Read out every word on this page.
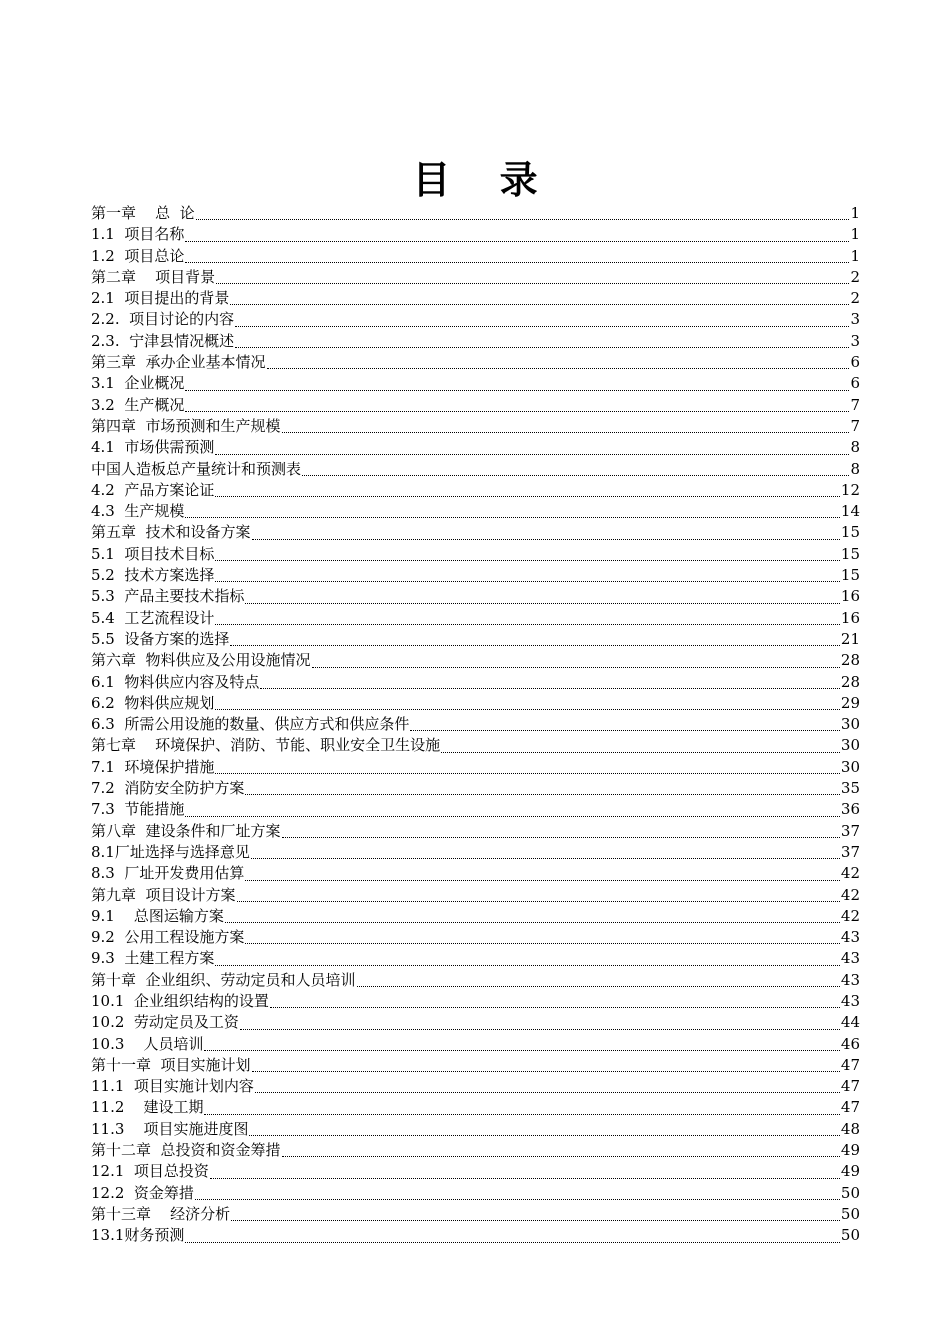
目 录
第一章    总  论	1
1.1  项目名称	1
1.2  项目总论	1
第二章    项目背景	2
2.1  项目提出的背景	2
2.2.  项目讨论的内容	3
2.3.  宁津县情况概述	3
第三章  承办企业基本情况	6
3.1  企业概况	6
3.2  生产概况	7
第四章  市场预测和生产规模	7
4.1  市场供需预测	8
中国人造板总产量统计和预测表	8
4.2  产品方案论证	12
4.3  生产规模	14
第五章  技术和设备方案	15
5.1  项目技术目标	15
5.2  技术方案选择	15
5.3  产品主要技术指标	16
5.4  工艺流程设计	16
5.5  设备方案的选择	21
第六章  物料供应及公用设施情况	28
6.1  物料供应内容及特点	28
6.2  物料供应规划	29
6.3  所需公用设施的数量、供应方式和供应条件	30
第七章    环境保护、消防、节能、职业安全卫生设施	30
7.1  环境保护措施	30
7.2  消防安全防护方案	35
7.3  节能措施	36
第八章  建设条件和厂址方案	37
8.1厂址选择与选择意见	37
8.3  厂址开发费用估算	42
第九章  项目设计方案	42
9.1    总图运输方案	42
9.2  公用工程设施方案	43
9.3  土建工程方案	43
第十章  企业组织、劳动定员和人员培训	43
10.1  企业组织结构的设置	43
10.2  劳动定员及工资	44
10.3    人员培训	46
第十一章  项目实施计划	47
11.1  项目实施计划内容	47
11.2    建设工期	47
11.3    项目实施进度图	48
第十二章  总投资和资金筹措	49
12.1  项目总投资	49
12.2  资金筹措	50
第十三章    经济分析	50
13.1财务预测	50
